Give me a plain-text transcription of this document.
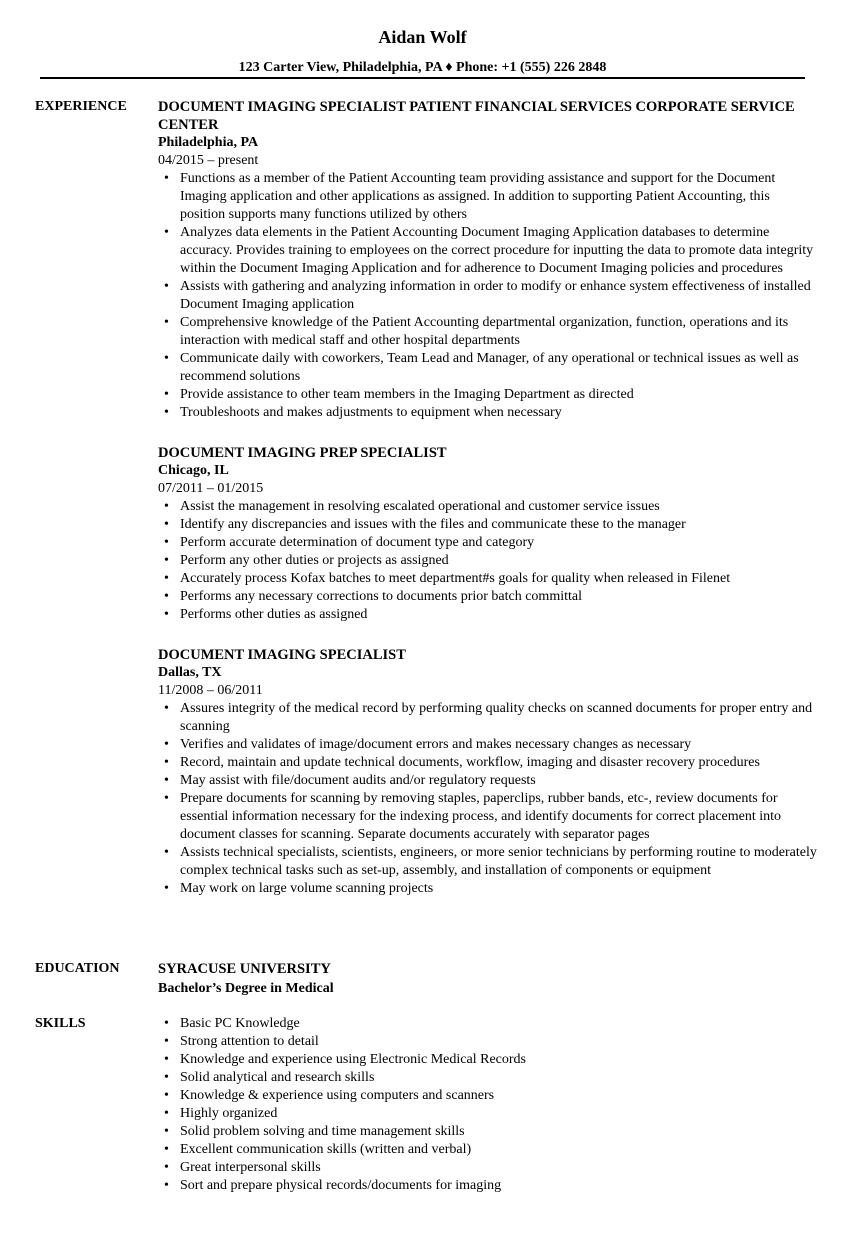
Aidan Wolf
123 Carter View, Philadelphia, PA ♦ Phone: +1 (555) 226 2848
EXPERIENCE DOCUMENT IMAGING SPECIALIST PATIENT FINANCIAL SERVICES CORPORATE SERVICE CENTER
Philadelphia, PA
04/2015 – present
• Functions as a member of the Patient Accounting team providing assistance and support for the Document Imaging application and other applications as assigned. In addition to supporting Patient Accounting, this position supports many functions utilized by others
• Analyzes data elements in the Patient Accounting Document Imaging Application databases to determine accuracy. Provides training to employees on the correct procedure for inputting the data to promote data integrity within the Document Imaging Application and for adherence to Document Imaging policies and procedures
• Assists with gathering and analyzing information in order to modify or enhance system effectiveness of installed Document Imaging application
• Comprehensive knowledge of the Patient Accounting departmental organization, function, operations and its interaction with medical staff and other hospital departments
• Communicate daily with coworkers, Team Lead and Manager, of any operational or technical issues as well as recommend solutions
• Provide assistance to other team members in the Imaging Department as directed
• Troubleshoots and makes adjustments to equipment when necessary
DOCUMENT IMAGING PREP SPECIALIST
Chicago, IL
07/2011 – 01/2015
• Assist the management in resolving escalated operational and customer service issues
• Identify any discrepancies and issues with the files and communicate these to the manager
• Perform accurate determination of document type and category
• Perform any other duties or projects as assigned
• Accurately process Kofax batches to meet department#s goals for quality when released in Filenet
• Performs any necessary corrections to documents prior batch committal
• Performs other duties as assigned
DOCUMENT IMAGING SPECIALIST
Dallas, TX
11/2008 – 06/2011
• Assures integrity of the medical record by performing quality checks on scanned documents for proper entry and scanning
• Verifies and validates of image/document errors and makes necessary changes as necessary
• Record, maintain and update technical documents, workflow, imaging and disaster recovery procedures
• May assist with file/document audits and/or regulatory requests
• Prepare documents for scanning by removing staples, paperclips, rubber bands, etc-, review documents for essential information necessary for the indexing process, and identify documents for correct placement into document classes for scanning. Separate documents accurately with separator pages
• Assists technical specialists, scientists, engineers, or more senior technicians by performing routine to moderately complex technical tasks such as set-up, assembly, and installation of components or equipment
• May work on large volume scanning projects
EDUCATION	SYRACUSE UNIVERSITY
Bachelor’s Degree in Medical
SKILLS
•	Basic PC Knowledge
• Strong attention to detail
• Knowledge and experience using Electronic Medical Records
• Solid analytical and research skills
• Knowledge & experience using computers and scanners
• Highly organized
• Solid problem solving and time management skills
• Excellent communication skills (written and verbal)
• Great interpersonal skills
• Sort and prepare physical records/documents for imaging
